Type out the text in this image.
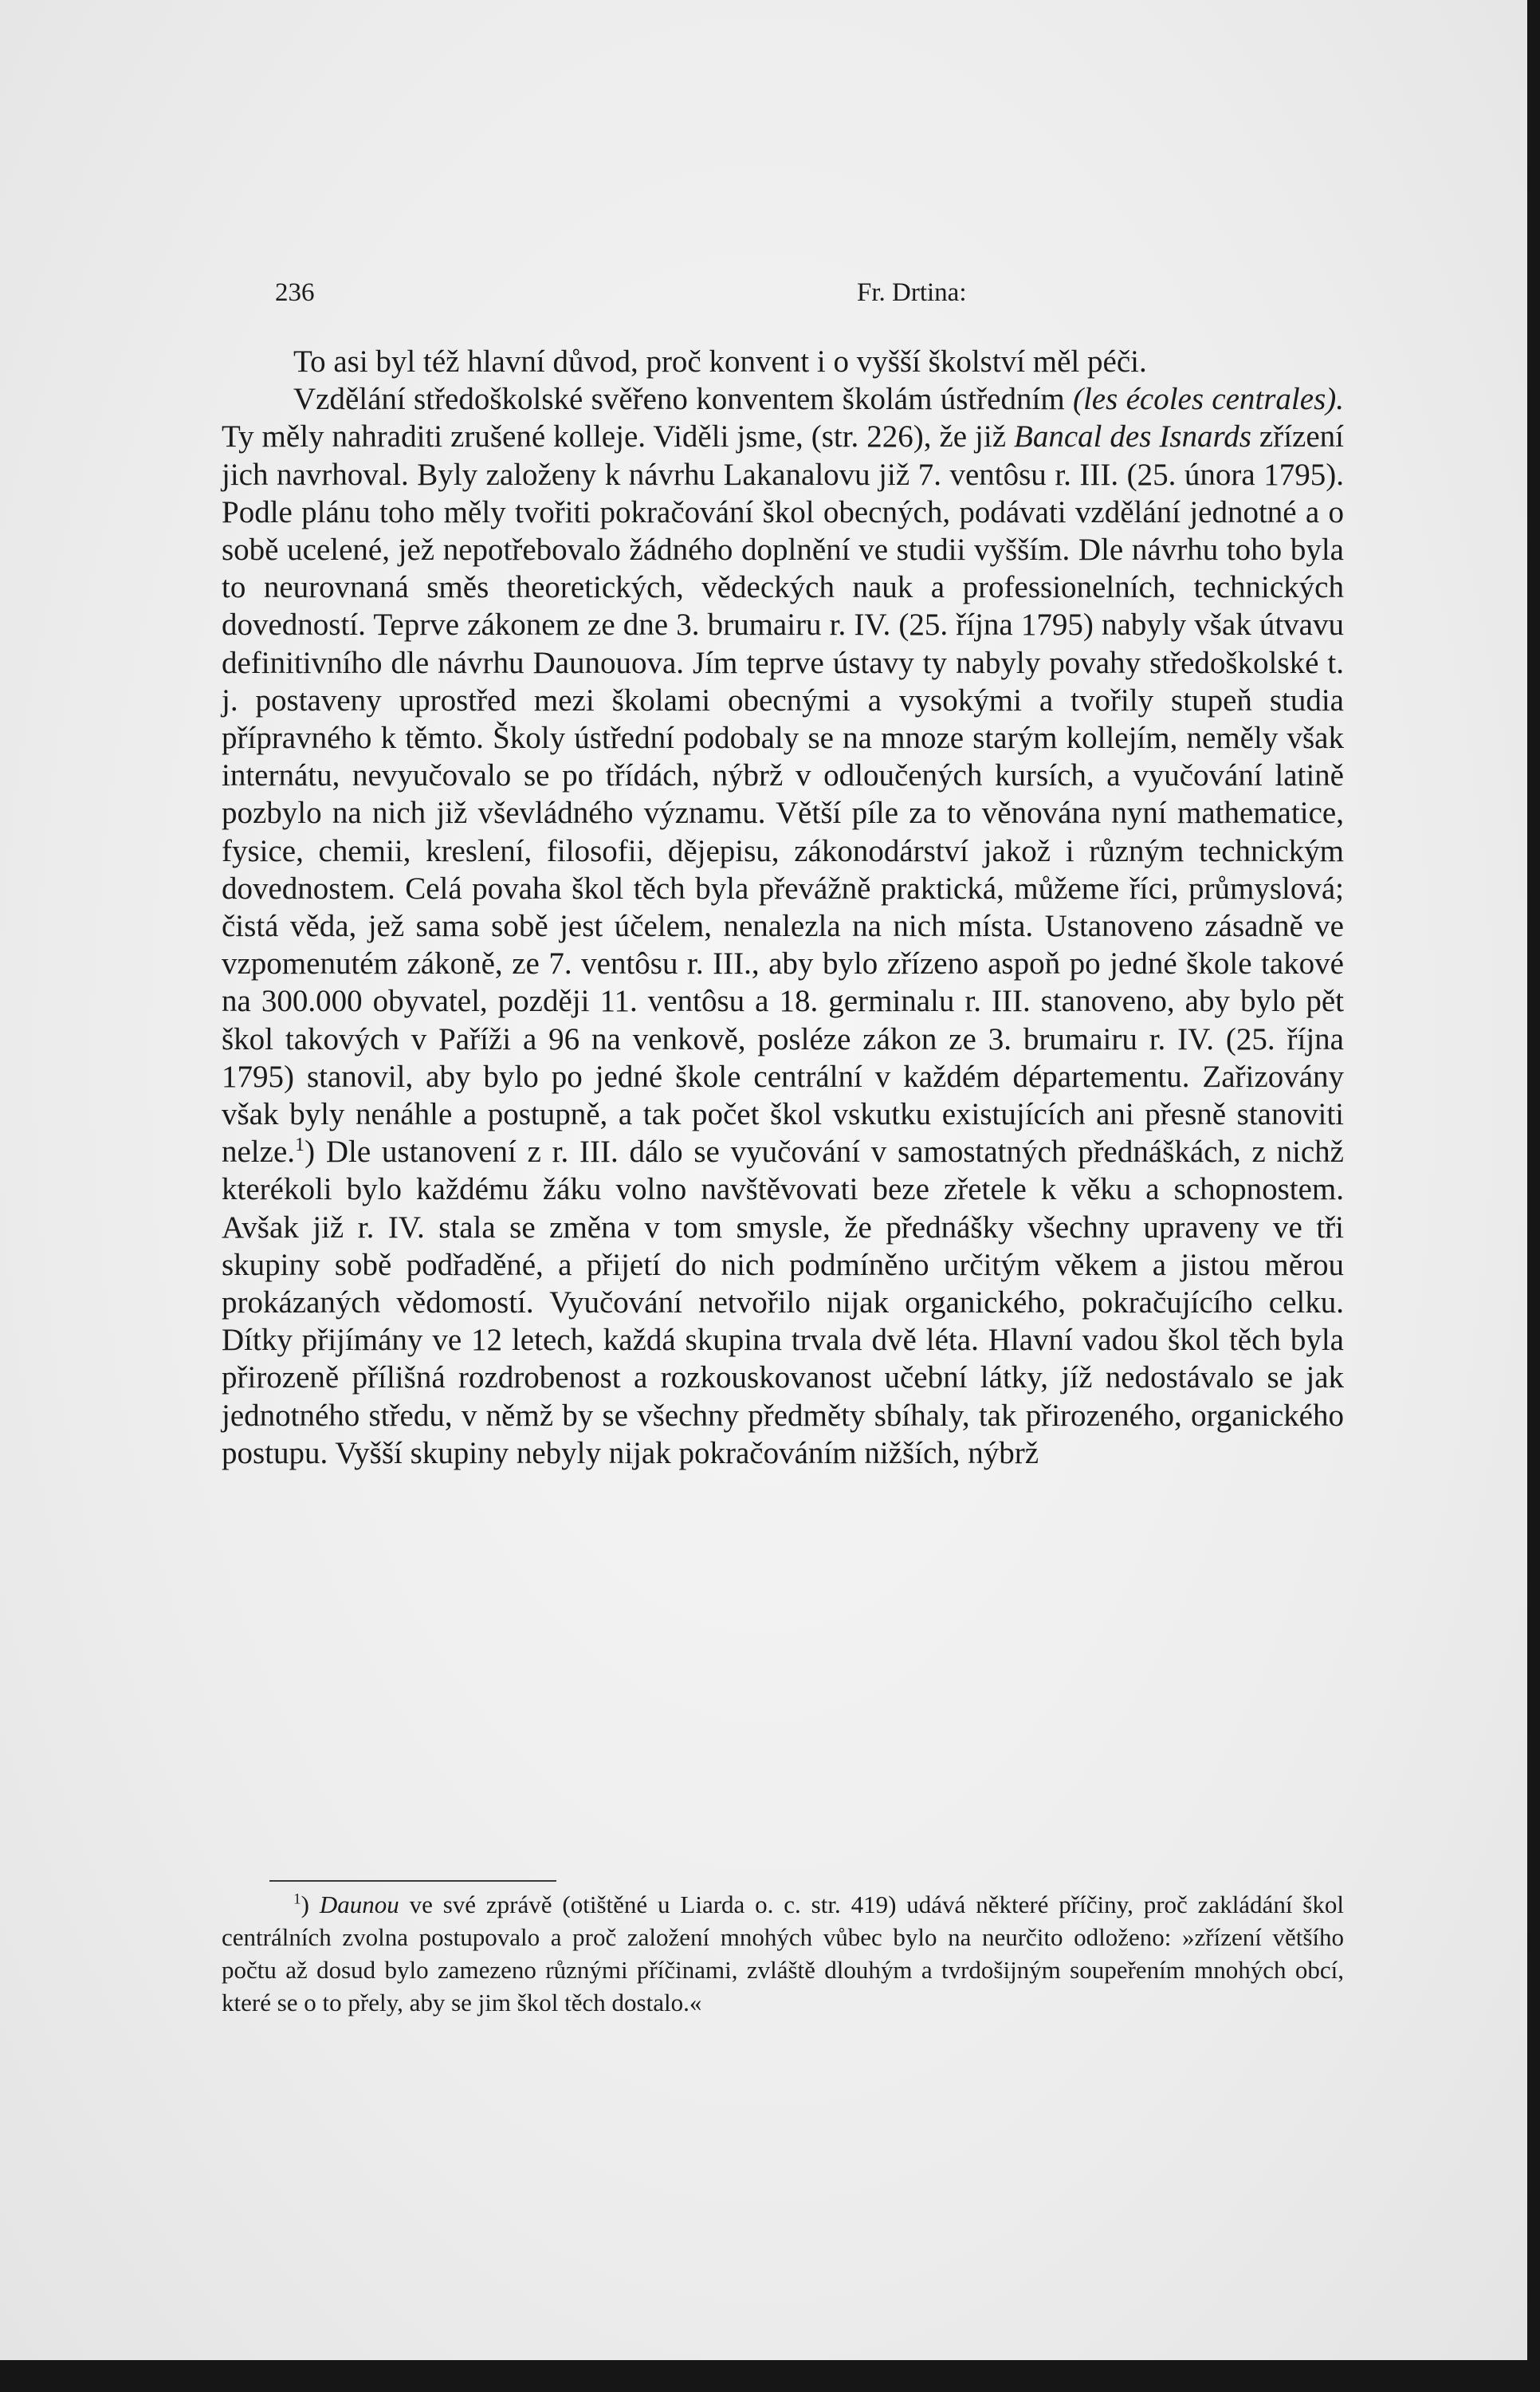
236	Fr. Drtina:

To asi byl též hlavní důvod, proč konvent i o vyšší školství měl péči.

Vzdělání středoškolské svěřeno konventem školám ústředním (les écoles centrales). Ty měly nahraditi zrušené kolleje. Viděli jsme, (str. 226), že již Bancal des Isnards zřízení jich navrhoval. Byly založeny k návrhu Lakanalovu již 7. ventôsu r. III. (25. února 1795). Podle plánu toho měly tvořiti pokračování škol obecných, podávati vzdělání jednotné a o sobě ucelené, jež nepotřebovalo žádného doplnění ve studii vyšším. Dle návrhu toho byla to neurovnaná směs theoretických, vědeckých nauk a professionelních, technických dovedností. Teprve zákonem ze dne 3. brumairu r. IV. (25. října 1795) nabyly však útvavu definitivního dle návrhu Daunouova. Jím teprve ústavy ty nabyly povahy středoškolské t. j. postaveny uprostřed mezi školami obecnými a vysokými a tvořily stupeň studia přípravného k těmto. Školy ústřední podobaly se na mnoze starým kollejím, neměly však internátu, nevyučovalo se po třídách, nýbrž v odloučených kursích, a vyučování latině pozbylo na nich již vševládného významu. Větší píle za to věnována nyní mathematice, fysice, chemii, kreslení, filosofii, dějepisu, zákonodárství jakož i různým technickým dovednostem. Celá povaha škol těch byla převážně praktická, můžeme říci, průmyslová; čistá věda, jež sama sobě jest účelem, nenalezla na nich místa. Ustanoveno zásadně ve vzpomenutém zákoně, ze 7. ventôsu r. III., aby bylo zřízeno aspoň po jedné škole takové na 300.000 obyvatel, později 11. ventôsu a 18. germinalu r. III. stanoveno, aby bylo pět škol takových v Paříži a 96 na venkově, posléze zákon ze 3. brumairu r. IV. (25. října 1795) stanovil, aby bylo po jedné škole centrální v každém départementu. Zařizovány však byly nenáhle a postupně, a tak počet škol vskutku existujících ani přesně stanoviti nelze.$^1$) Dle ustanovení z r. III. dálo se vyučování v samostatných přednáškách, z nichž kterékoli bylo každému žáku volno navštěvovati beze zřetele k věku a schopnostem. Avšak již r. IV. stala se změna v tom smysle, že přednášky všechny upraveny ve tři skupiny sobě podřaděné, a přijetí do nich podmíněno určitým věkem a jistou měrou prokázaných vědomostí. Vyučování netvořilo nijak organického, pokračujícího celku. Dítky přijímány ve 12 letech, každá skupina trvala dvě léta. Hlavní vadou škol těch byla přirozeně přílišná rozdrobenost a rozkouskovanost učební látky, jíž nedostávalo se jak jednotného středu, v němž by se všechny předměty sbíhaly, tak přirozeného, organického postupu. Vyšší skupiny nebyly nijak pokračováním nižších, nýbrž

$^1$) Daunou ve své zprávě (otištěné u Liarda o. c. str. 419) udává některé příčiny, proč zakládání škol centrálních zvolna postupovalo a proč založení mnohých vůbec bylo na neurčito odloženo: »zřízení většího počtu až dosud bylo zamezeno různými příčinami, zvláště dlouhým a tvrdošijným soupeřením mnohých obcí, které se o to přely, aby se jim škol těch dostalo.«
